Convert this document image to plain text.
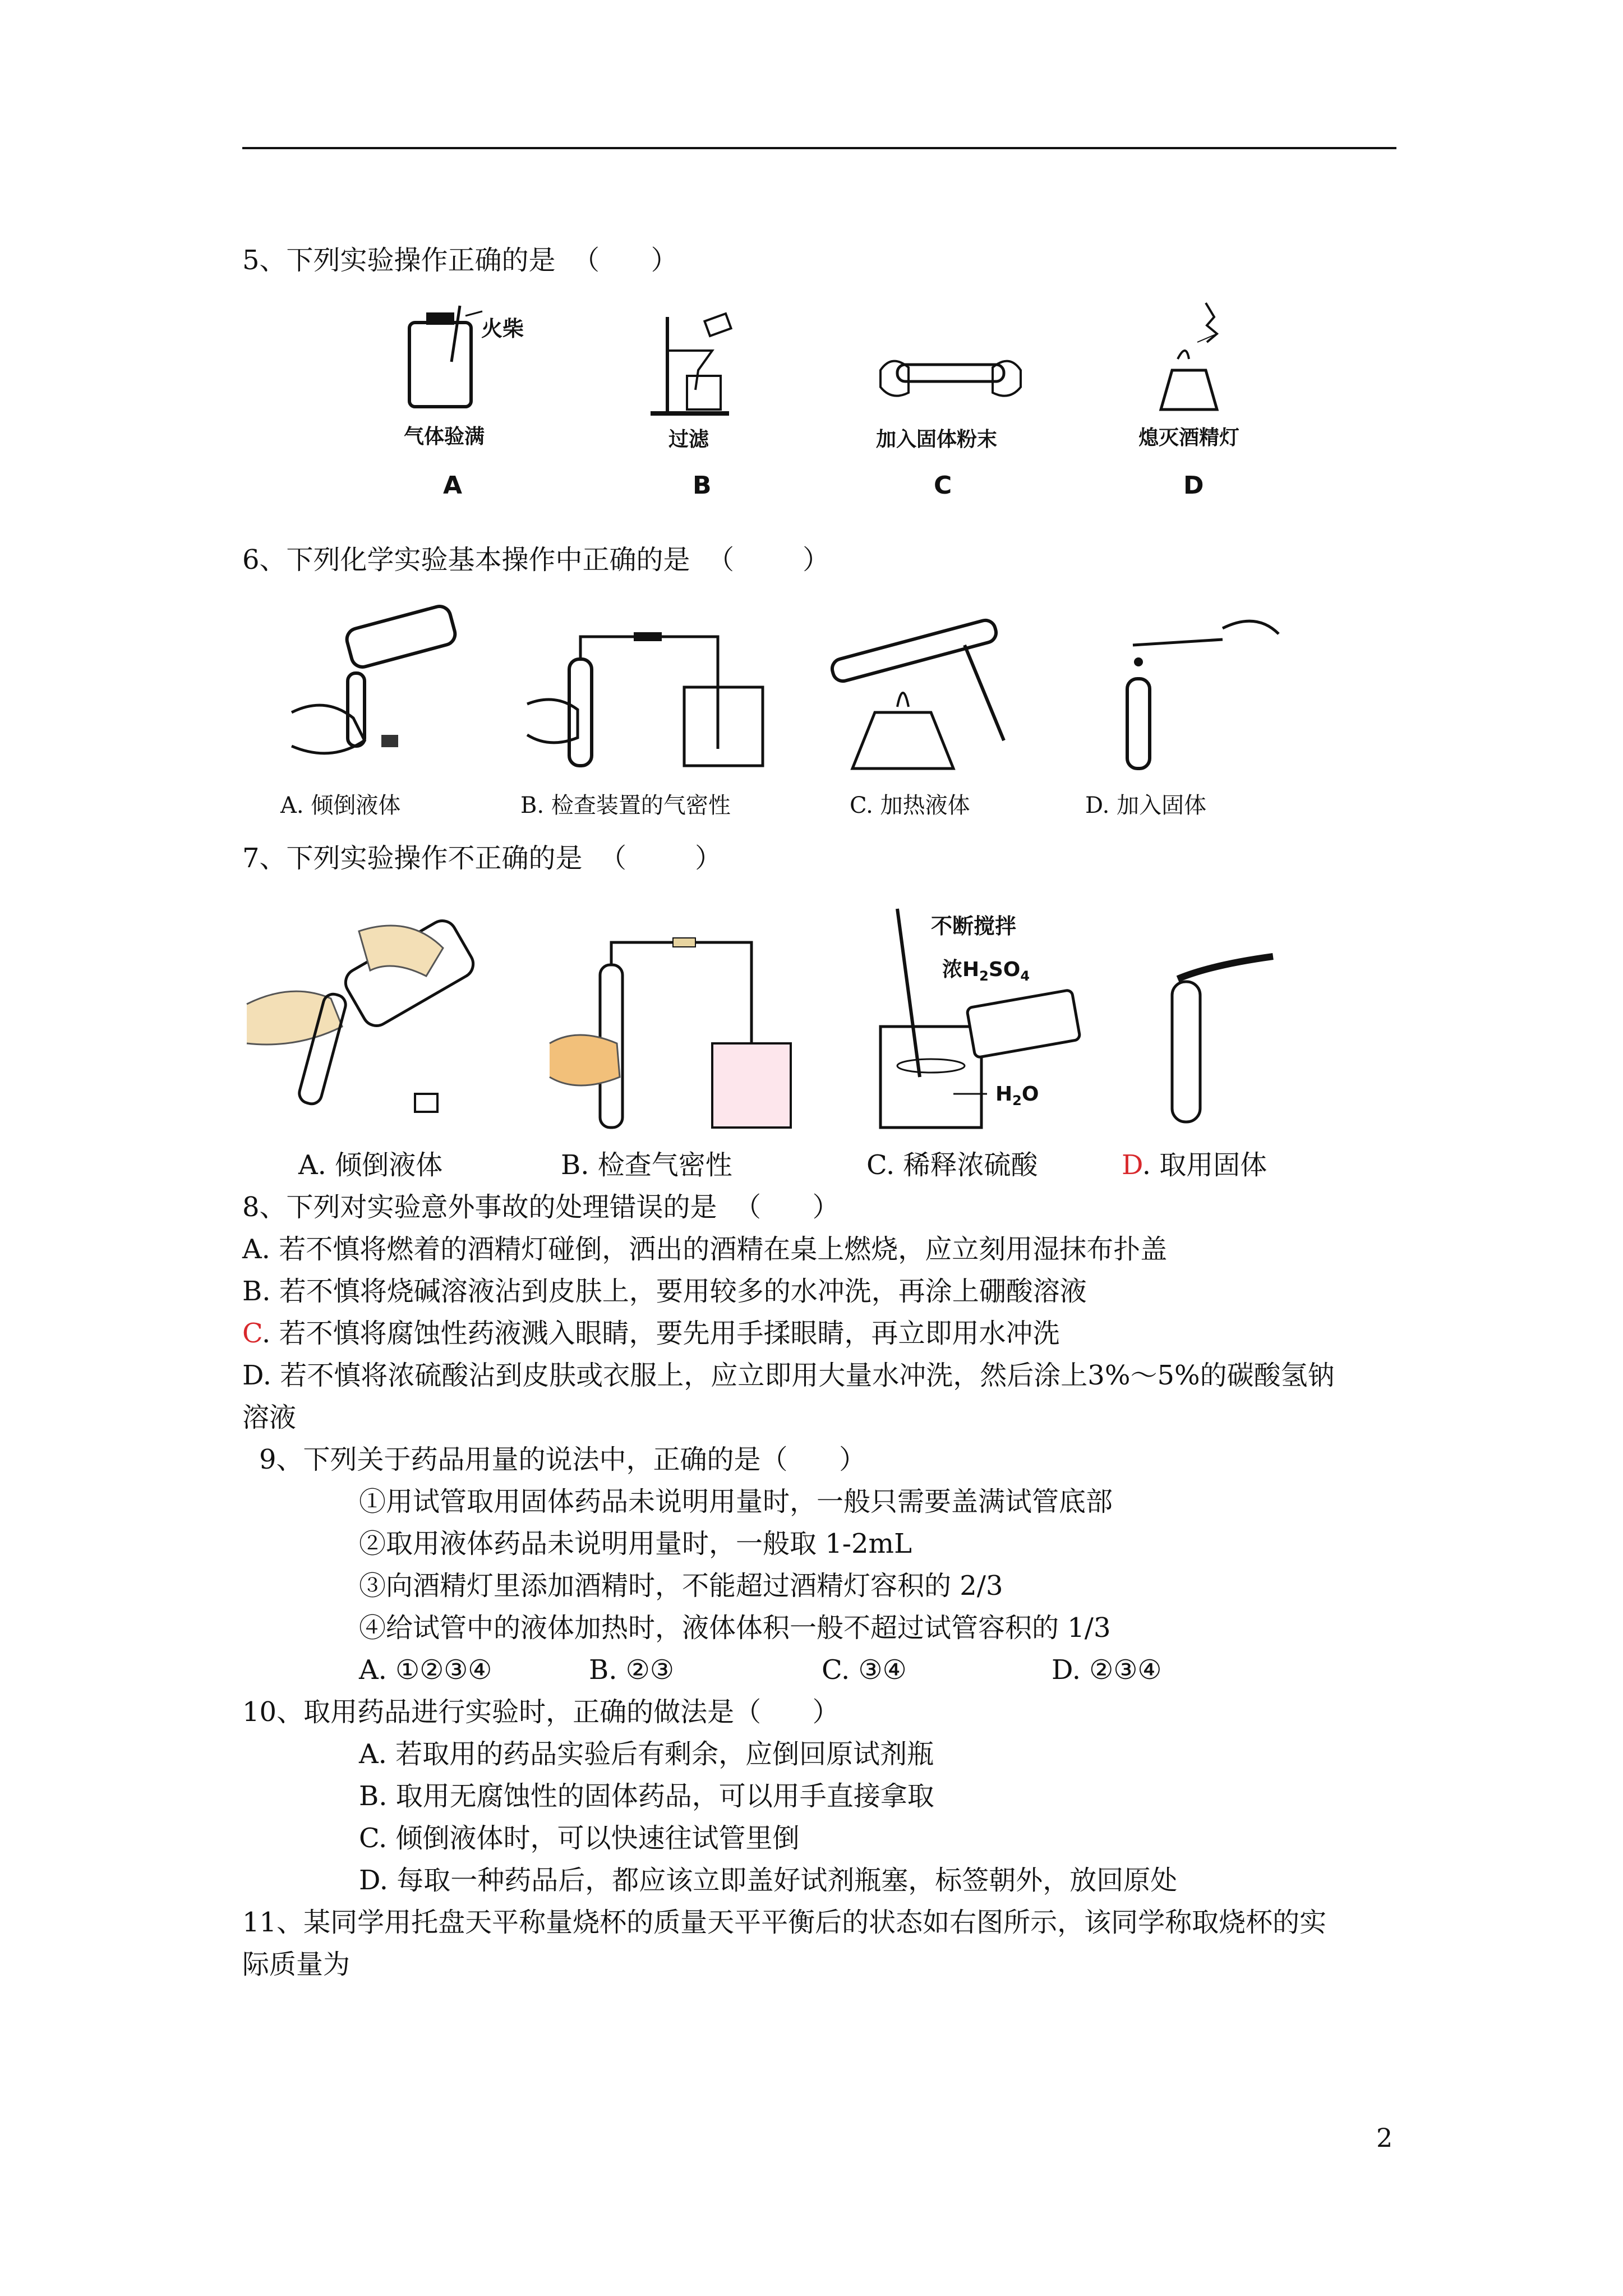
5、下列实验操作正确的是  （      ）
火柴
气体验满
A
过滤
B
加入固体粉末
C
熄灭酒精灯
D
6、下列化学实验基本操作中正确的是  （        ）
A. 倾倒液体	B. 检查装置的气密性	C. 加热液体	D. 加入固体
7、下列实验操作不正确的是  （        ）
不断搅拌
浓$H_2SO_4$
$H_2O$
A. 倾倒液体	B. 检查气密性	C. 稀释浓硫酸	D. 取用固体
8、下列对实验意外事故的处理错误的是  （      ）
A. 若不慎将燃着的酒精灯碰倒，洒出的酒精在桌上燃烧，应立刻用湿抹布扑盖
B. 若不慎将烧碱溶液沾到皮肤上，要用较多的水冲洗，再涂上硼酸溶液
C. 若不慎将腐蚀性药液溅入眼睛，要先用手揉眼睛，再立即用水冲洗
D. 若不慎将浓硫酸沾到皮肤或衣服上，应立即用大量水冲洗，然后涂上3%～5%的碳酸氢钠
溶液
9、下列关于药品用量的说法中，正确的是（      ）
①用试管取用固体药品未说明用量时，一般只需要盖满试管底部
②取用液体药品未说明用量时，一般取 1-2mL
③向酒精灯里添加酒精时，不能超过酒精灯容积的 2/3
④给试管中的液体加热时，液体体积一般不超过试管容积的 1/3
A. ①②③④	B. ②③	C. ③④	D. ②③④
10、取用药品进行实验时，正确的做法是（      ）
A. 若取用的药品实验后有剩余，应倒回原试剂瓶
B. 取用无腐蚀性的固体药品，可以用手直接拿取
C. 倾倒液体时，可以快速往试管里倒
D. 每取一种药品后，都应该立即盖好试剂瓶塞，标签朝外，放回原处
11、某同学用托盘天平称量烧杯的质量天平平衡后的状态如右图所示，该同学称取烧杯的实
际质量为
2
